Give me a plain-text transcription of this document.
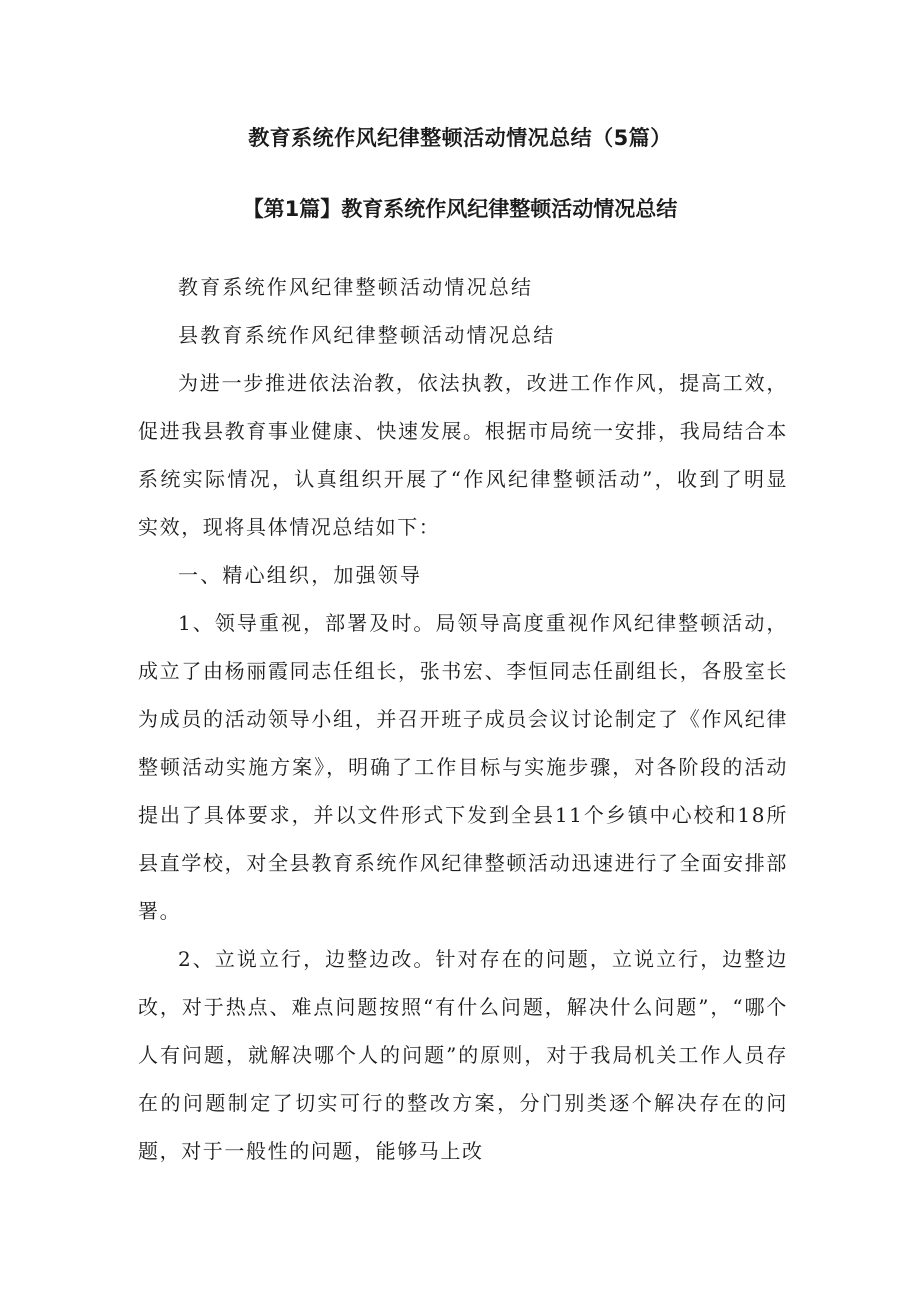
教育系统作风纪律整顿活动情况总结（5篇）
【第1篇】教育系统作风纪律整顿活动情况总结

教育系统作风纪律整顿活动情况总结

县教育系统作风纪律整顿活动情况总结

为进一步推进依法治教，依法执教，改进工作作风，提高工效，促进我县教育事业健康、快速发展。根据市局统一安排，我局结合本系统实际情况，认真组织开展了“作风纪律整顿活动”，收到了明显实效，现将具体情况总结如下：

一、精心组织，加强领导

1、领导重视，部署及时。局领导高度重视作风纪律整顿活动，成立了由杨丽霞同志任组长，张书宏、李恒同志任副组长，各股室长为成员的活动领导小组，并召开班子成员会议讨论制定了《作风纪律整顿活动实施方案》，明确了工作目标与实施步骤，对各阶段的活动提出了具体要求，并以文件形式下发到全县11个乡镇中心校和18所县直学校，对全县教育系统作风纪律整顿活动迅速进行了全面安排部署。

2、立说立行，边整边改。针对存在的问题，立说立行，边整边改，对于热点、难点问题按照“有什么问题，解决什么问题”，“哪个人有问题，就解决哪个人的问题”的原则，对于我局机关工作人员存在的问题制定了切实可行的整改方案，分门别类逐个解决存在的问题，对于一般性的问题，能够马上改
